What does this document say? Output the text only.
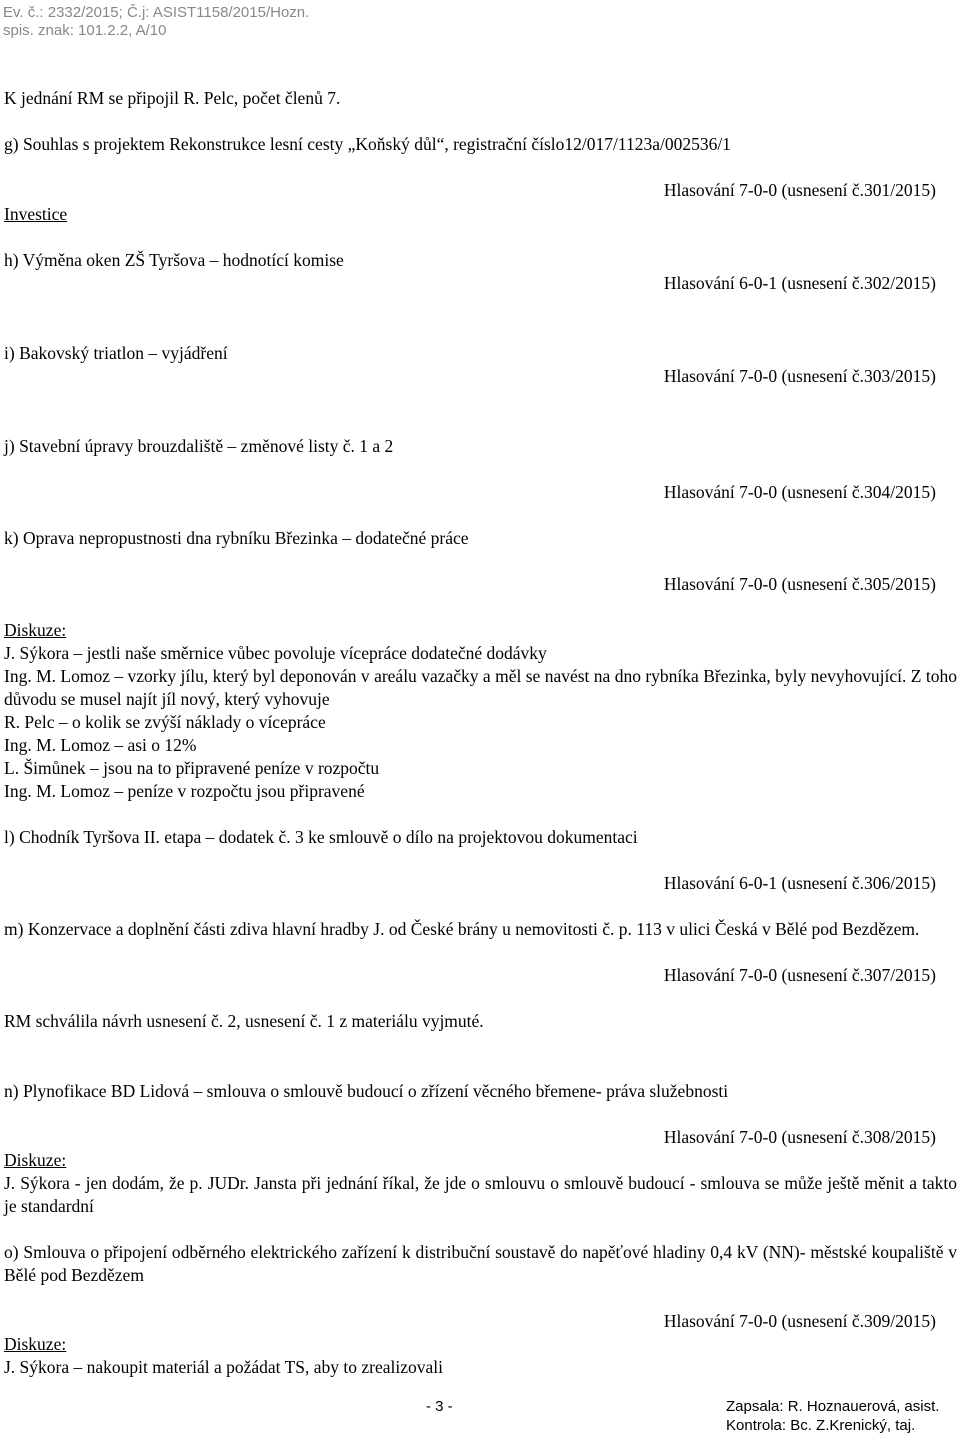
Ev. č.: 2332/2015; Č.j: ASIST1158/2015/Hozn.
spis. znak: 101.2.2, A/10
K jednání RM se připojil R. Pelc, počet členů 7.
g) Souhlas s projektem Rekonstrukce lesní cesty „Koňský důl“, registrační číslo12/017/1123a/002536/1
Hlasování 7-0-0 (usnesení č.301/2015)
Investice
h) Výměna oken ZŠ Tyršova – hodnotící komise
Hlasování 6-0-1 (usnesení č.302/2015)
i) Bakovský triatlon – vyjádření
Hlasování 7-0-0 (usnesení č.303/2015)
j) Stavební úpravy brouzdaliště – změnové listy č. 1 a 2
Hlasování 7-0-0 (usnesení č.304/2015)
k) Oprava nepropustnosti dna rybníku Březinka – dodatečné práce
Hlasování 7-0-0 (usnesení č.305/2015)
Diskuze:
J. Sýkora – jestli naše směrnice vůbec povoluje vícepráce dodatečné dodávky
Ing. M. Lomoz – vzorky jílu, který byl deponován v areálu vazačky a měl se navést na dno rybníka Březinka, byly nevyhovující. Z toho důvodu se musel najít jíl nový, který vyhovuje
R. Pelc – o kolik se zvýší náklady o vícepráce
Ing. M. Lomoz – asi o 12%
L. Šimůnek – jsou na to připravené peníze v rozpočtu
Ing. M. Lomoz – peníze v rozpočtu jsou připravené
l) Chodník Tyršova II. etapa – dodatek č. 3 ke smlouvě o dílo na projektovou dokumentaci
Hlasování 6-0-1 (usnesení č.306/2015)
m) Konzervace a doplnění části zdiva hlavní hradby J. od České brány u nemovitosti č. p. 113 v ulici Česká v Bělé pod Bezdězem.
Hlasování 7-0-0 (usnesení č.307/2015)
RM schválila návrh usnesení č. 2, usnesení č. 1 z materiálu vyjmuté.
n) Plynofikace BD Lidová – smlouva o smlouvě budoucí o zřízení věcného břemene- práva služebnosti
Hlasování 7-0-0 (usnesení č.308/2015)
Diskuze:
J. Sýkora - jen dodám, že p. JUDr. Jansta při jednání říkal, že jde o smlouvu o smlouvě budoucí - smlouva se může ještě měnit a takto je standardní
o) Smlouva o připojení odběrného elektrického zařízení k distribuční soustavě do napěťové hladiny 0,4 kV (NN)- městské koupaliště v Bělé pod Bezdězem
Hlasování 7-0-0 (usnesení č.309/2015)
Diskuze:
J. Sýkora – nakoupit materiál a požádat TS, aby to zrealizovali
- 3 -	Zapsala: R. Hoznauerová, asist.
Kontrola: Bc. Z.Krenický, taj.
